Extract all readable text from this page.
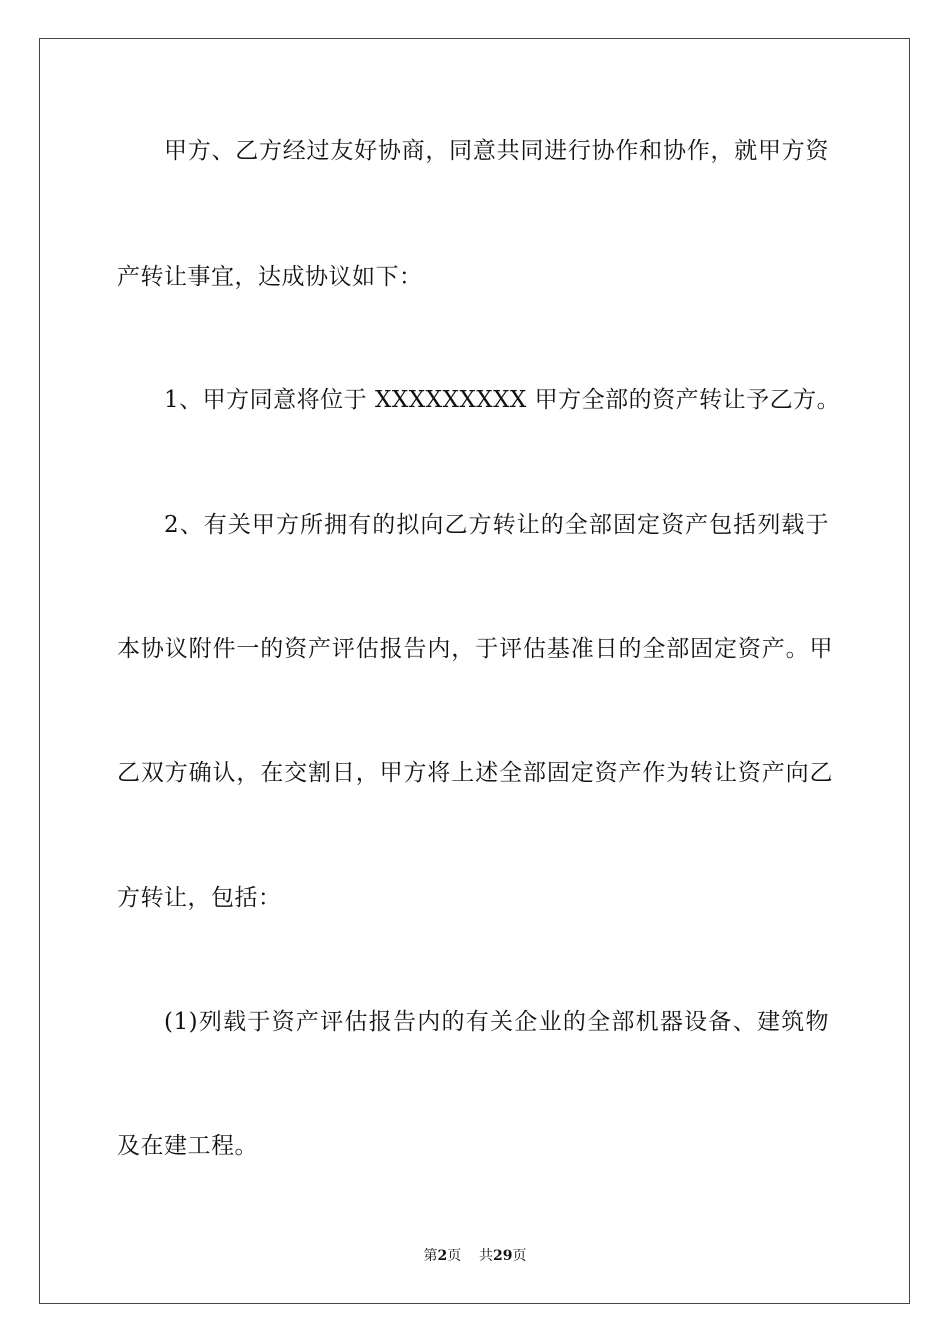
甲方、乙方经过友好协商，同意共同进行协作和协作，就甲方资
产转让事宜，达成协议如下：
1、甲方同意将位于 XXXXXXXXX 甲方全部的资产转让予乙方。
2、有关甲方所拥有的拟向乙方转让的全部固定资产包括列载于
本协议附件一的资产评估报告内，于评估基准日的全部固定资产。甲
乙双方确认，在交割日，甲方将上述全部固定资产作为转让资产向乙
方转让，包括：
(1)列载于资产评估报告内的有关企业的全部机器设备、建筑物
及在建工程。
第2页 共29页
